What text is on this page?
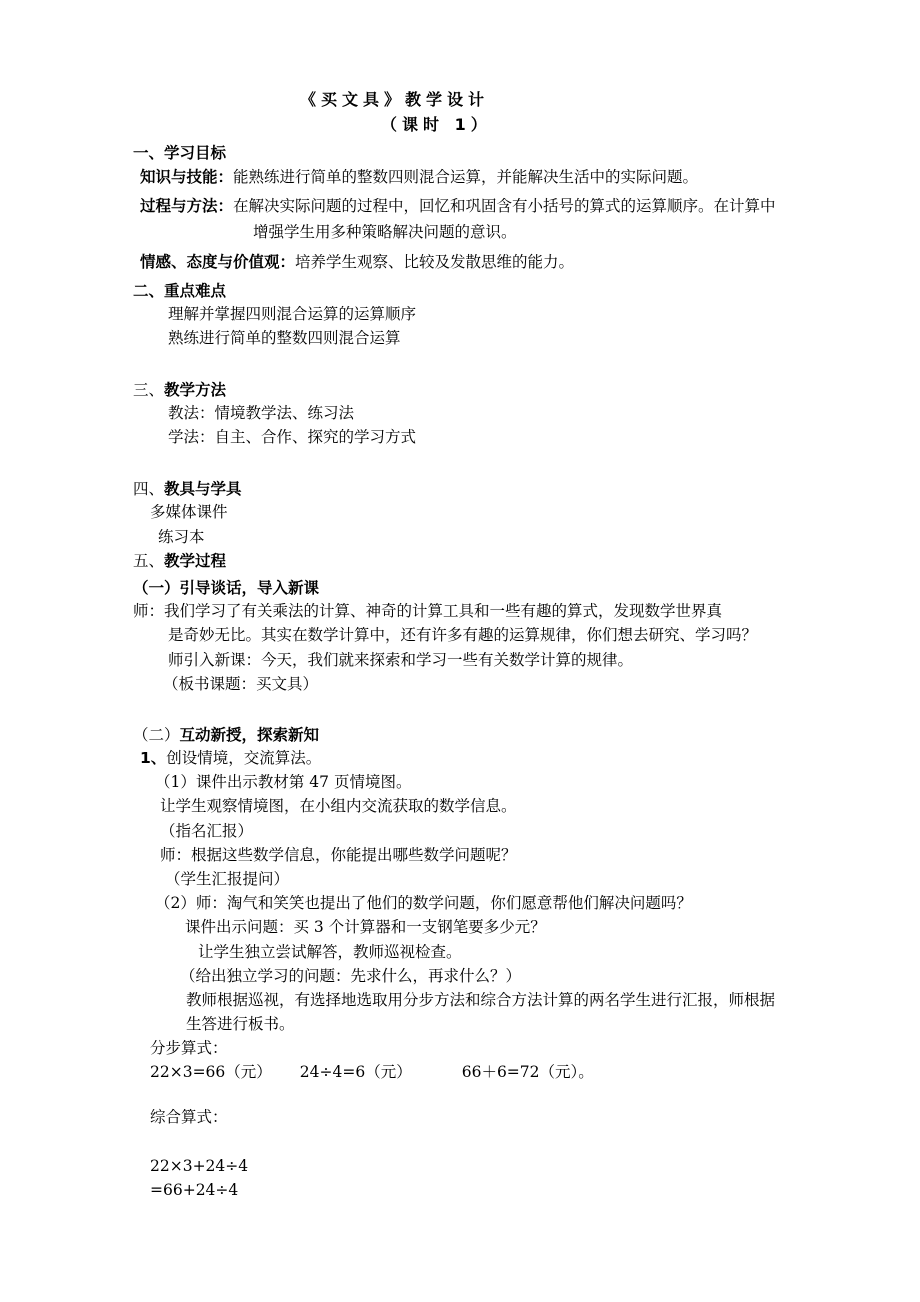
《买文具》教学设计
（课时 1）
一、学习目标
知识与技能：能熟练进行简单的整数四则混合运算，并能解决生活中的实际问题。
过程与方法：在解决实际问题的过程中，回忆和巩固含有小括号的算式的运算顺序。在计算中
增强学生用多种策略解决问题的意识。
情感、态度与价值观：培养学生观察、比较及发散思维的能力。
二、重点难点
理解并掌握四则混合运算的运算顺序
熟练进行简单的整数四则混合运算
三、教学方法
教法：情境教学法、练习法
学法：自主、合作、探究的学习方式
四、教具与学具
多媒体课件
练习本
五、教学过程
（一）引导谈话，导入新课
师：我们学习了有关乘法的计算、神奇的计算工具和一些有趣的算式，发现数学世界真
是奇妙无比。其实在数学计算中，还有许多有趣的运算规律，你们想去研究、学习吗？
师引入新课：今天，我们就来探索和学习一些有关数学计算的规律。
（板书课题：买文具）
（二）互动新授，探索新知
1、创设情境，交流算法。
（1）课件出示教材第 47 页情境图。
让学生观察情境图，在小组内交流获取的数学信息。
（指名汇报）
师：根据这些数学信息，你能提出哪些数学问题呢？
（学生汇报提问）
（2）师：淘气和笑笑也提出了他们的数学问题，你们愿意帮他们解决问题吗？
课件出示问题：买 3 个计算器和一支钢笔要多少元？
让学生独立尝试解答，教师巡视检查。
（给出独立学习的问题：先求什么，再求什么？）
教师根据巡视，有选择地选取用分步方法和综合方法计算的两名学生进行汇报，师根据
生答进行板书。
分步算式：
22×3=66（元） 24÷4=6（元）	66＋6=72（元）。
综合算式：
22×3+24÷4
=66+24÷4
